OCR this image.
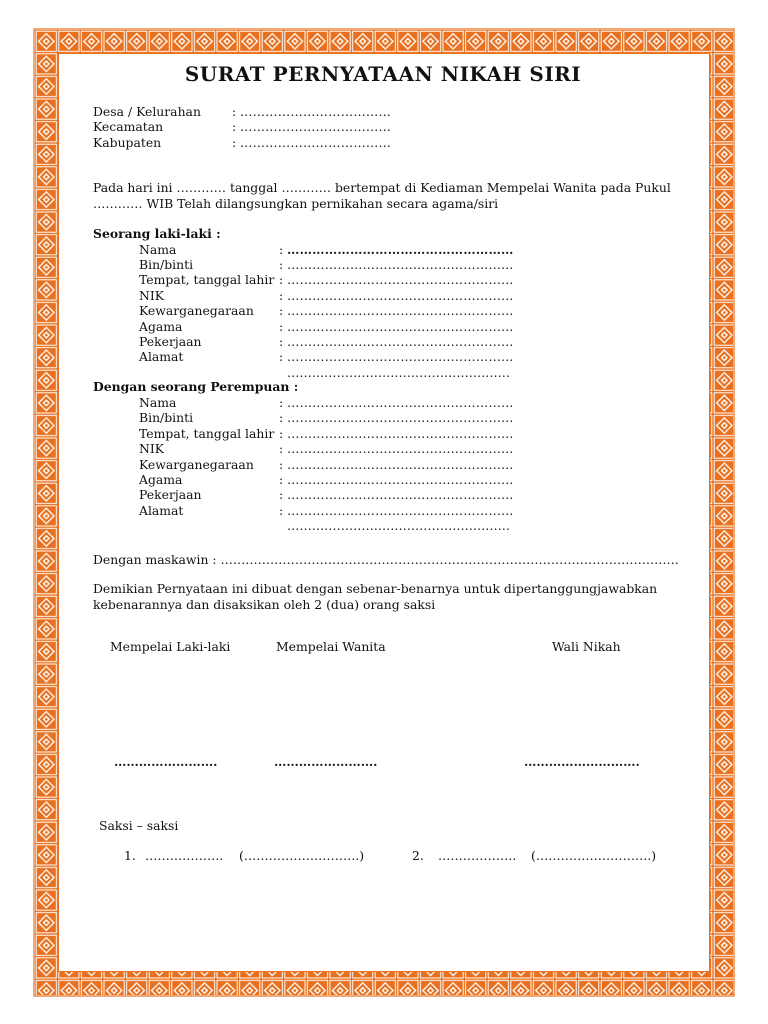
SURAT PERNYATAAN NIKAH SIRI
Desa / Kelurahan	: ………………………………
Kecamatan	: ………………………………
Kabupaten	: ………………………………
Pada hari ini ………… tanggal ………… bertempat di Kediaman Mempelai Wanita pada Pukul
………… WIB Telah dilangsungkan pernikahan secara agama/siri
Seorang laki-laki :
Nama	: ………………………………………………
Bin/binti	: ………………………………………………
Tempat, tanggal lahir : ………………………………………………
NIK	: ………………………………………………
Kewarganegaraan : ………………………………………………
Agama	: ………………………………………………
Pekerjaan	: ………………………………………………
Alamat	: ………………………………………………
………………………………………………
Dengan seorang Perempuan :
Nama	: ………………………………………………
Bin/binti	: ………………………………………………
Tempat, tanggal lahir : ………………………………………………
NIK	: ………………………………………………
Kewarganegaraan : ………………………………………………
Agama	: ………………………………………………
Pekerjaan	: ………………………………………………
Alamat	: ………………………………………………
………………………………………………
Dengan maskawin : …………………………………………………………………………………………………
Demikian Pernyataan ini dibuat dengan sebenar-benarnya untuk dipertanggungjawabkan
kebenarannya dan disaksikan oleh 2 (dua) orang saksi
Mempelai Laki-laki	Mempelai Wanita	Wali Nikah
…………………….	…………………….	……………………….
Saksi – saksi
1. ………………. (……………………….)	2. ………………. (……………………….)
